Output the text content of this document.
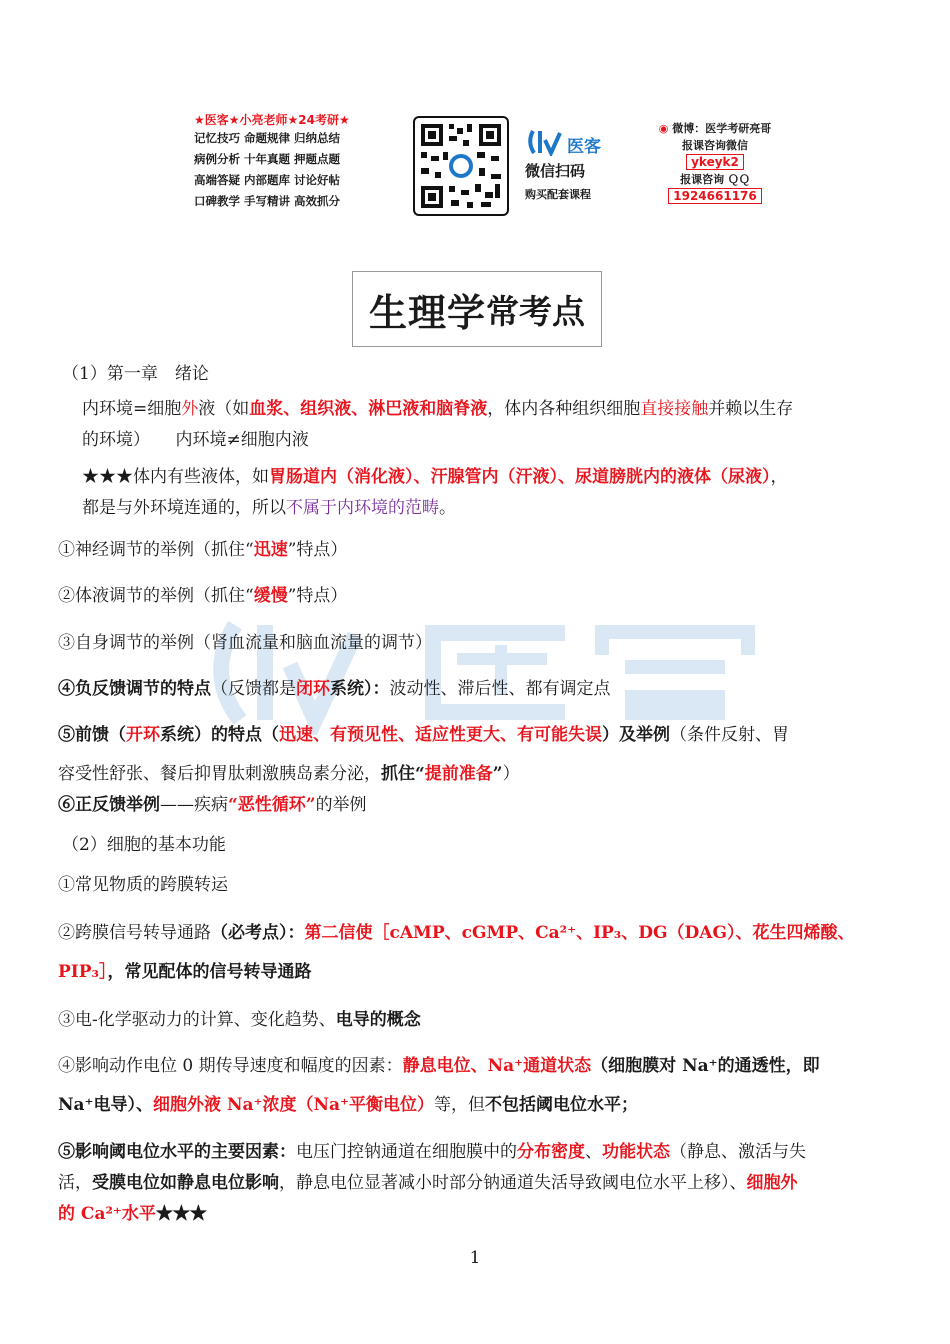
★医客★小亮老师★24考研★
记忆技巧 命题规律 归纳总结
病例分析 十年真题 押题点题
高端答疑 内部题库 讨论好帖
口碑教学 手写精讲 高效抓分
医客
微信扫码
购买配套课程
◉ 微博：医学考研亮哥
报课咨询微信
ykeyk2
报课咨询 ＱＱ
1924661176
生理学 常考点
（1）第一章　绪论
内环境=细胞外液（如血浆、组织液、淋巴液和脑脊液，体内各种组织细胞直接接触并赖以生存
的环境）　　内环境≠细胞内液
★★★体内有些液体，如胃肠道内（消化液）、汗腺管内（汗液）、尿道膀胱内的液体（尿液），
都是与外环境连通的，所以不属于内环境的范畴。
①神经调节的举例（抓住“迅速”特点）
②体液调节的举例（抓住“缓慢”特点）
③自身调节的举例（肾血流量和脑血流量的调节）
④负反馈调节的特点（反馈都是闭环系统）：波动性、滞后性、都有调定点
⑤前馈（开环系统）的特点（迅速、有预见性、适应性更大、有可能失误）及举例（条件反射、胃
容受性舒张、餐后抑胃肽刺激胰岛素分泌，抓住“提前准备”）
⑥正反馈举例——疾病“恶性循环”的举例
（2）细胞的基本功能
①常见物质的跨膜转运
②跨膜信号转导通路（必考点）：第二信使［cAMP、cGMP、Ca²⁺、IP₃、DG（DAG）、花生四烯酸、
PIP₃］，常见配体的信号转导通路
③电-化学驱动力的计算、变化趋势、电导的概念
④影响动作电位 0 期传导速度和幅度的因素：静息电位、Na⁺通道状态（细胞膜对 Na⁺的通透性，即
Na⁺电导）、细胞外液 Na⁺浓度（Na⁺平衡电位）等，但不包括阈电位水平；
⑤影响阈电位水平的主要因素：电压门控钠通道在细胞膜中的分布密度、功能状态（静息、激活与失
活，受膜电位如静息电位影响，静息电位显著减小时部分钠通道失活导致阈电位水平上移）、细胞外
的 Ca²⁺水平★★★
1
